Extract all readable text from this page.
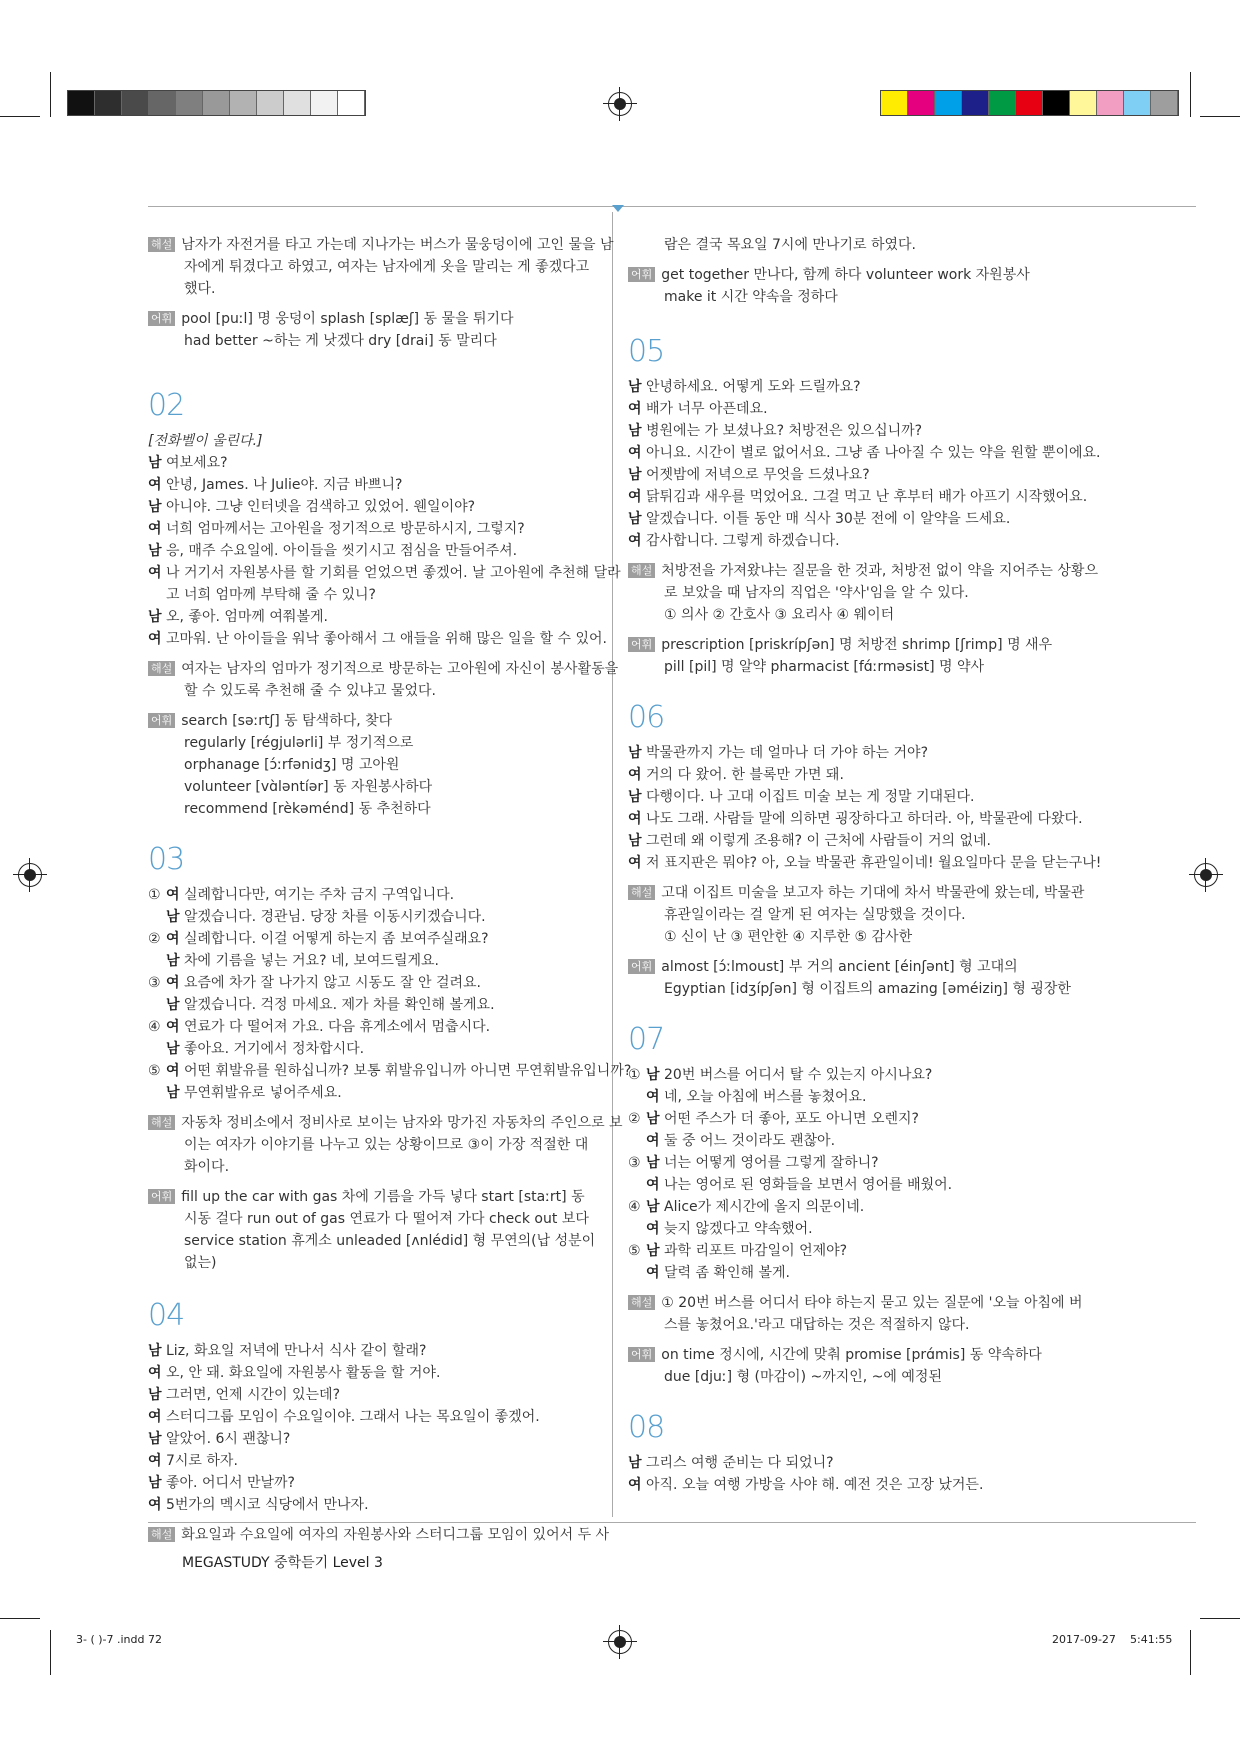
해설 남자가 자전거를 타고 가는데 지나가는 버스가 물웅덩이에 고인 물을 남
자에게 튀겼다고 하였고, 여자는 남자에게 옷을 말리는 게 좋겠다고 했다.
어휘 pool [puːl] 명 웅덩이 splash [splæʃ] 동 물을 튀기다
had better ~하는 게 낫겠다 dry [drai] 동 말리다
02
[전화벨이 울린다.]
남 여보세요?
여 안녕, James. 나 Julie야. 지금 바쁘니?
남 아니야. 그냥 인터넷을 검색하고 있었어. 웬일이야?
여 너희 엄마께서는 고아원을 정기적으로 방문하시지, 그렇지?
남 응, 매주 수요일에. 아이들을 씻기시고 점심을 만들어주셔.
여 나 거기서 자원봉사를 할 기회를 얻었으면 좋겠어. 날 고아원에 추천해 달라
고 너희 엄마께 부탁해 줄 수 있니?
남 오, 좋아. 엄마께 여쭤볼게.
여 고마워. 난 아이들을 워낙 좋아해서 그 애들을 위해 많은 일을 할 수 있어.
해설 여자는 남자의 엄마가 정기적으로 방문하는 고아원에 자신이 봉사활동을
할 수 있도록 추천해 줄 수 있냐고 물었다.
어휘 search [səːrtʃ] 동 탐색하다, 찾다
regularly [régjulərli] 부 정기적으로
orphanage [ɔ́ːrfənidʒ] 명 고아원
volunteer [vɑ̀ləntíər] 동 자원봉사하다
recommend [rèkəménd] 동 추천하다
03
① 여 실례합니다만, 여기는 주차 금지 구역입니다.
남 알겠습니다. 경관님. 당장 차를 이동시키겠습니다.
② 여 실례합니다. 이걸 어떻게 하는지 좀 보여주실래요?
남 차에 기름을 넣는 거요? 네, 보여드릴게요.
③ 여 요즘에 차가 잘 나가지 않고 시동도 잘 안 걸려요.
남 알겠습니다. 걱정 마세요. 제가 차를 확인해 볼게요.
④ 여 연료가 다 떨어져 가요. 다음 휴게소에서 멈춥시다.
남 좋아요. 거기에서 정차합시다.
⑤ 여 어떤 휘발유를 원하십니까? 보통 휘발유입니까 아니면 무연휘발유입니까?
남 무연휘발유로 넣어주세요.
해설 자동차 정비소에서 정비사로 보이는 남자와 망가진 자동차의 주인으로 보
이는 여자가 이야기를 나누고 있는 상황이므로 ③이 가장 적절한 대화이다.
어휘 fill up the car with gas 차에 기름을 가득 넣다 start [staːrt] 동
시동 걸다 run out of gas 연료가 다 떨어져 가다 check out 보다
service station 휴게소 unleaded [ʌnlédid] 형 무연의(납 성분이
없는)
04
남 Liz, 화요일 저녁에 만나서 식사 같이 할래?
여 오, 안 돼. 화요일에 자원봉사 활동을 할 거야.
남 그러면, 언제 시간이 있는데?
여 스터디그룹 모임이 수요일이야. 그래서 나는 목요일이 좋겠어.
남 알았어. 6시 괜찮니?
여 7시로 하자.
남 좋아. 어디서 만날까?
여 5번가의 멕시코 식당에서 만나자.
해설 화요일과 수요일에 여자의 자원봉사와 스터디그룹 모임이 있어서 두 사
람은 결국 목요일 7시에 만나기로 하였다.
어휘 get together 만나다, 함께 하다 volunteer work 자원봉사
make it 시간 약속을 정하다
05
남 안녕하세요. 어떻게 도와 드릴까요?
여 배가 너무 아픈데요.
남 병원에는 가 보셨나요? 처방전은 있으십니까?
여 아니요. 시간이 별로 없어서요. 그냥 좀 나아질 수 있는 약을 원할 뿐이에요.
남 어젯밤에 저녁으로 무엇을 드셨나요?
여 닭튀김과 새우를 먹었어요. 그걸 먹고 난 후부터 배가 아프기 시작했어요.
남 알겠습니다. 이틀 동안 매 식사 30분 전에 이 알약을 드세요.
여 감사합니다. 그렇게 하겠습니다.
해설 처방전을 가져왔냐는 질문을 한 것과, 처방전 없이 약을 지어주는 상황으
로 보았을 때 남자의 직업은 '약사'임을 알 수 있다.
① 의사 ② 간호사 ③ 요리사 ④ 웨이터
어휘 prescription [priskrípʃən] 명 처방전 shrimp [ʃrimp] 명 새우
pill [pil] 명 알약 pharmacist [fɑ́ːrməsist] 명 약사
06
남 박물관까지 가는 데 얼마나 더 가야 하는 거야?
여 거의 다 왔어. 한 블록만 가면 돼.
남 다행이다. 나 고대 이집트 미술 보는 게 정말 기대된다.
여 나도 그래. 사람들 말에 의하면 굉장하다고 하더라. 아, 박물관에 다왔다.
남 그런데 왜 이렇게 조용해? 이 근처에 사람들이 거의 없네.
여 저 표지판은 뭐야? 아, 오늘 박물관 휴관일이네! 월요일마다 문을 닫는구나!
해설 고대 이집트 미술을 보고자 하는 기대에 차서 박물관에 왔는데, 박물관
휴관일이라는 걸 알게 된 여자는 실망했을 것이다.
① 신이 난 ③ 편안한 ④ 지루한 ⑤ 감사한
어휘 almost [ɔ́ːlmoust] 부 거의 ancient [éinʃənt] 형 고대의
Egyptian [idʒípʃən] 형 이집트의 amazing [əméiziŋ] 형 굉장한
07
① 남 20번 버스를 어디서 탈 수 있는지 아시나요?
여 네, 오늘 아침에 버스를 놓쳤어요.
② 남 어떤 주스가 더 좋아, 포도 아니면 오렌지?
여 둘 중 어느 것이라도 괜찮아.
③ 남 너는 어떻게 영어를 그렇게 잘하니?
여 나는 영어로 된 영화들을 보면서 영어를 배웠어.
④ 남 Alice가 제시간에 올지 의문이네.
여 늦지 않겠다고 약속했어.
⑤ 남 과학 리포트 마감일이 언제야?
여 달력 좀 확인해 볼게.
해설 ① 20번 버스를 어디서 타야 하는지 묻고 있는 질문에 '오늘 아침에 버
스를 놓쳤어요.'라고 대답하는 것은 적절하지 않다.
어휘 on time 정시에, 시간에 맞춰 promise [prɑ́mis] 동 약속하다
due [djuː] 형 (마감이) ~까지인, ~에 예정된
08
남 그리스 여행 준비는 다 되었니?
여 아직. 오늘 여행 가방을 사야 해. 예전 것은 고장 났거든.
MEGASTUDY 중학듣기 Level 3
3- ( )-7 .indd 72	2017-09-27 5:41:55
